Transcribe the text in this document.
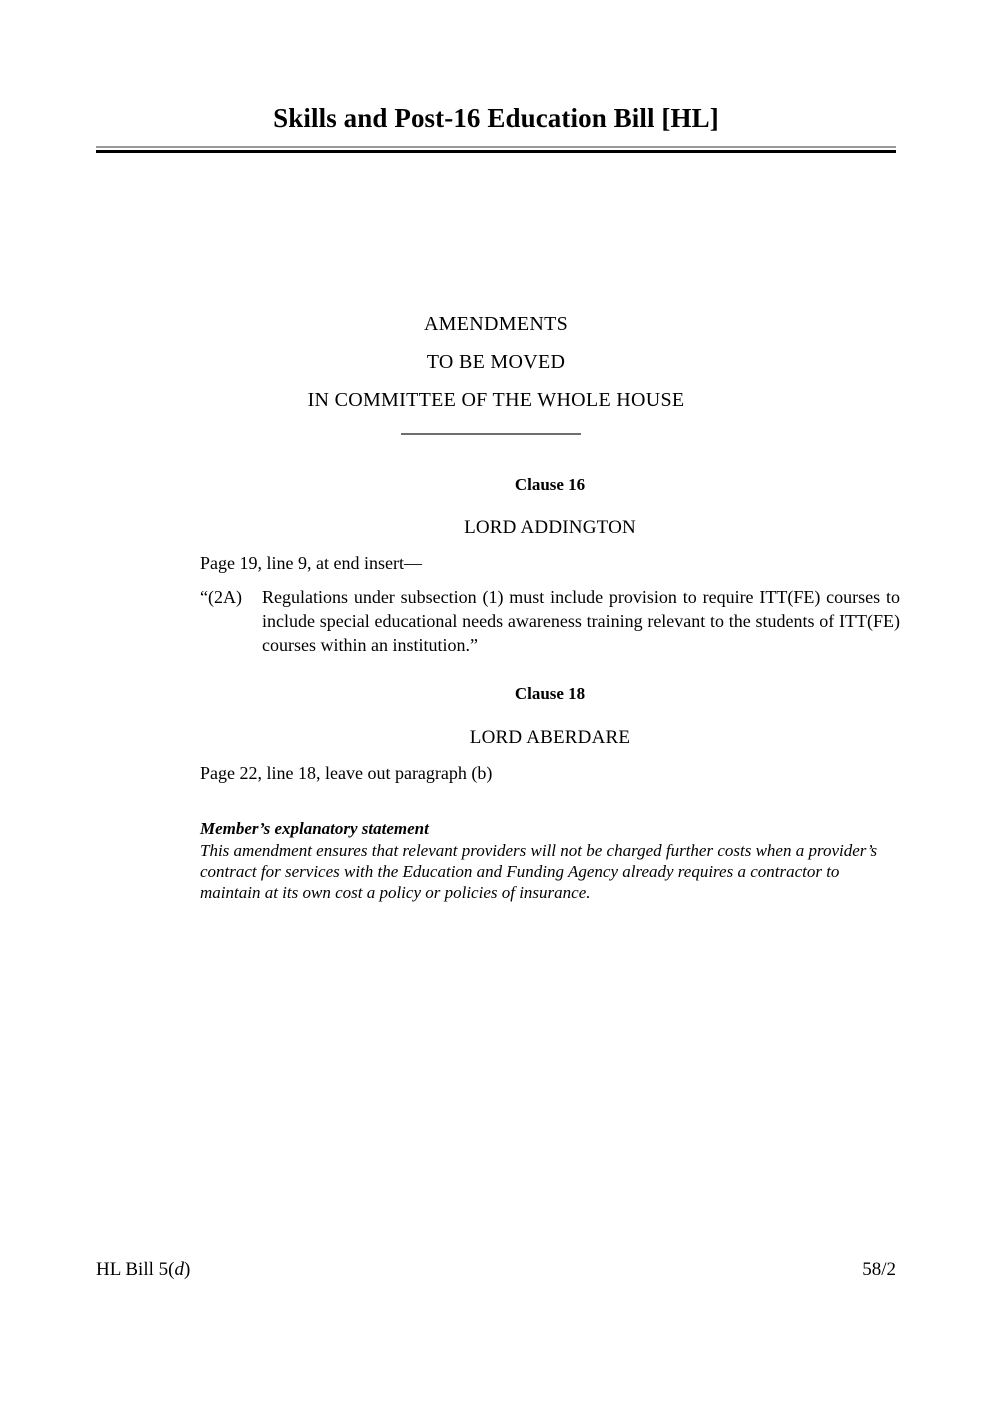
Skills and Post-16 Education Bill [HL]
AMENDMENTS
TO BE MOVED
IN COMMITTEE OF THE WHOLE HOUSE

Clause 16

LORD ADDINGTON

Page 19, line 9, at end insert—

“(2A) Regulations under subsection (1) must include provision to require ITT(FE) courses to include special educational needs awareness training relevant to the students of ITT(FE) courses within an institution.”

Clause 18

LORD ABERDARE

Page 22, line 18, leave out paragraph (b)

Member’s explanatory statement

This amendment ensures that relevant providers will not be charged further costs when a provider’s contract for services with the Education and Funding Agency already requires a contractor to maintain at its own cost a policy or policies of insurance.

HL Bill 5(d)	58/2
